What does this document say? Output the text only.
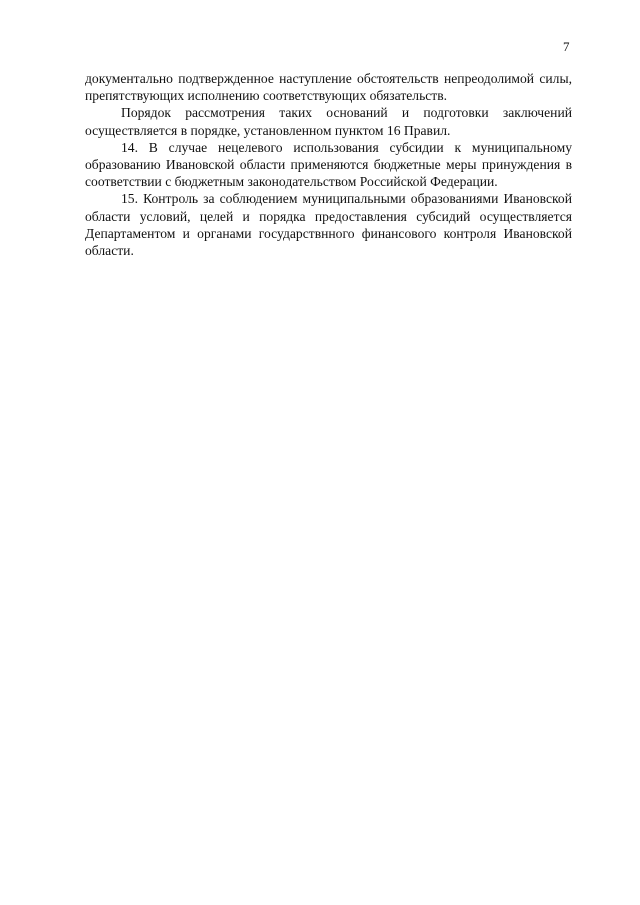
7

документально подтвержденное наступление обстоятельств непреодолимой силы, препятствующих исполнению соответствующих обязательств.

Порядок рассмотрения таких оснований и подготовки заключений осуществляется в порядке, установленном пунктом 16 Правил.

14. В случае нецелевого использования субсидии к муниципальному образованию Ивановской области применяются бюджетные меры принуждения в соответствии с бюджетным законодательством Российской Федерации.

15. Контроль за соблюдением муниципальными образованиями Ивановской области условий, целей и порядка предоставления субсидий осуществляется Департаментом и органами государствнного финансового контроля Ивановской области.
